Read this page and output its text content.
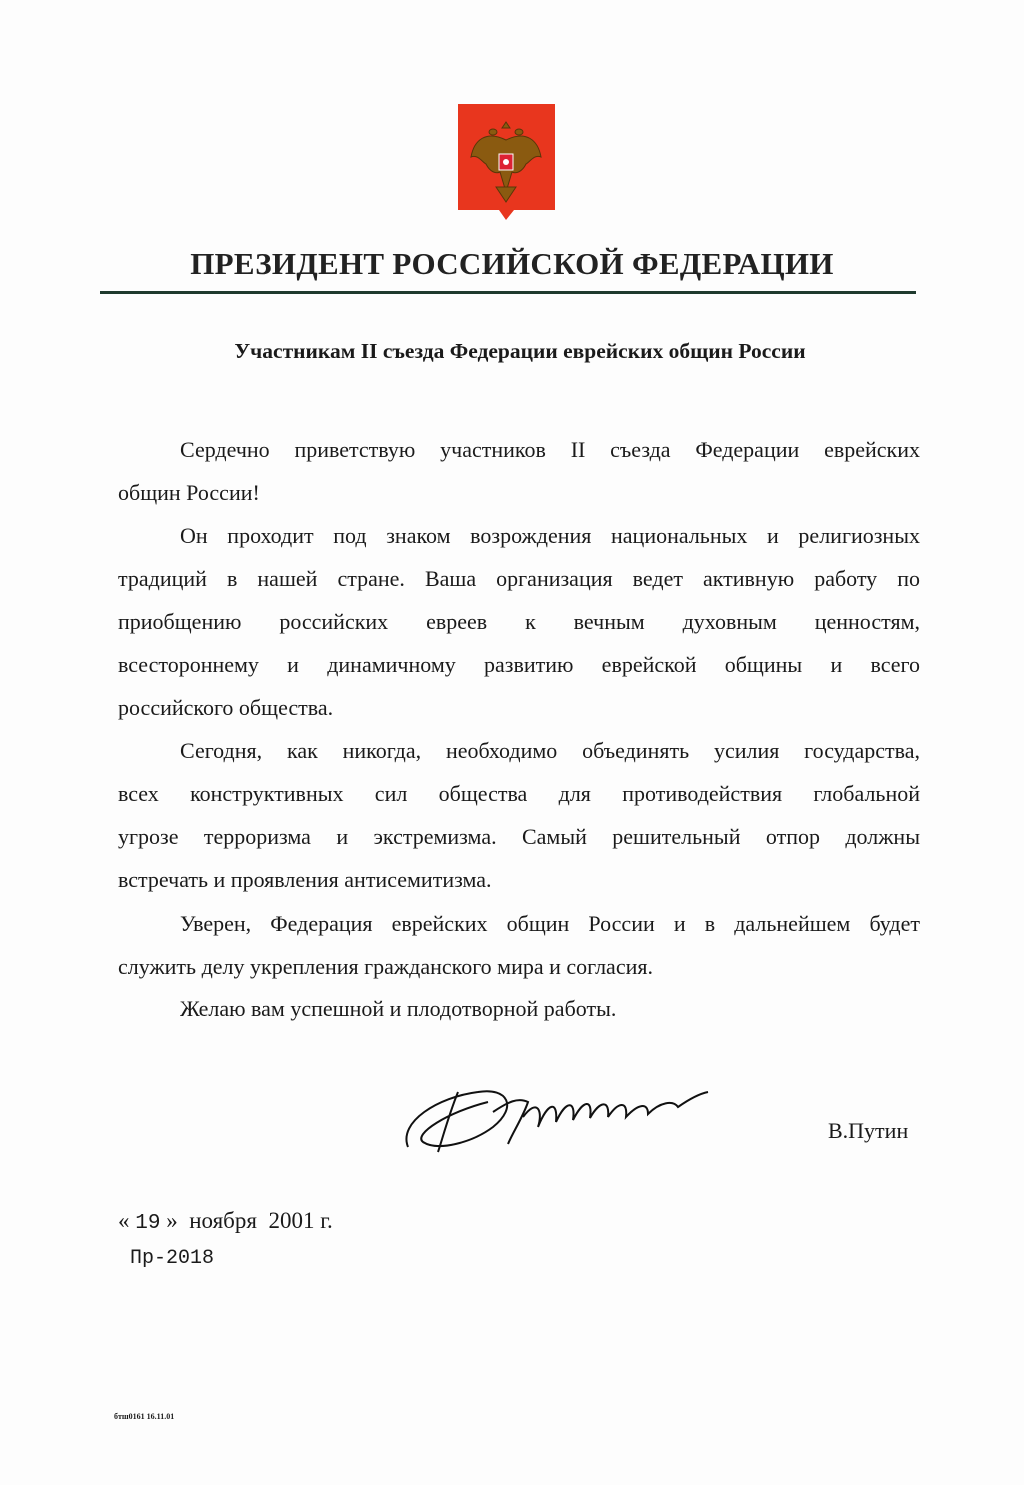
ПРЕЗИДЕНТ РОССИЙСКОЙ ФЕДЕРАЦИИ
Участникам II съезда Федерации еврейских общин России
Сердечно приветствую участников II съезда Федерации еврейских
общин России!
Он проходит под знаком возрождения национальных и религиозных
традиций в нашей стране. Ваша организация ведет активную работу по
приобщению российских евреев к вечным духовным ценностям,
всестороннему и динамичному развитию еврейской общины и всего
российского общества.
Сегодня, как никогда, необходимо объединять усилия государства,
всех конструктивных сил общества для противодействия глобальной
угрозе терроризма и экстремизма. Самый решительный отпор должны
встречать и проявления антисемитизма.
Уверен, Федерация еврейских общин России и в дальнейшем будет
служить делу укрепления гражданского мира и согласия.
Желаю вам успешной и плодотворной работы.
В.Путин
« 19 » ноября 2001 г.
Пр-2018
бтш0161 16.11.01
